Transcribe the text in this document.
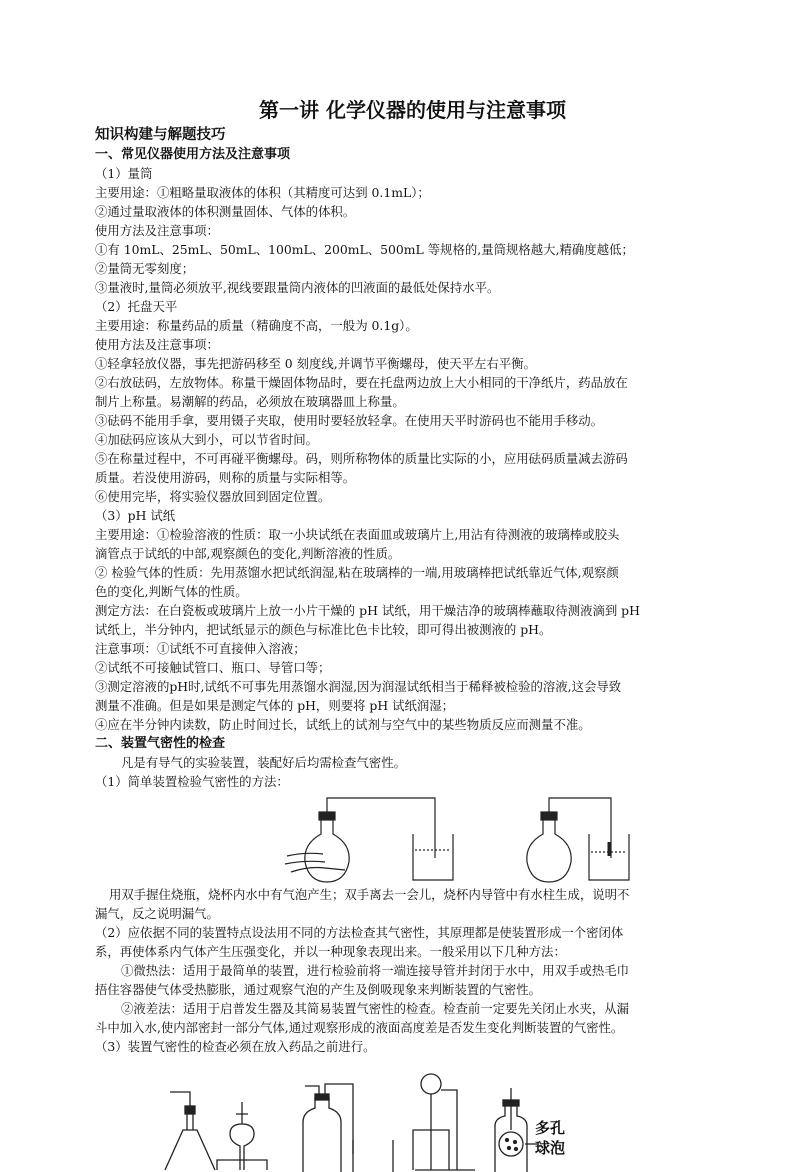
第一讲 化学仪器的使用与注意事项
知识构建与解题技巧
一、常见仪器使用方法及注意事项

（1）量筒

主要用途：①粗略量取液体的体积（其精度可达到 0.1mL）；

②通过量取液体的体积测量固体、气体的体积。

使用方法及注意事项：

①有 10mL、25mL、50mL、100mL、200mL、500mL 等规格的,量筒规格越大,精确度越低；

②量筒无零刻度；

③量液时,量筒必须放平,视线要跟量筒内液体的凹液面的最低处保持水平。

（2）托盘天平

主要用途：称量药品的质量（精确度不高，一般为 0.1g）。

使用方法及注意事项：

①轻拿轻放仪器，事先把游码移至 0 刻度线,并调节平衡螺母，使天平左右平衡。

②右放砝码，左放物体。称量干燥固体物品时，要在托盘两边放上大小相同的干净纸片，药品放在

制片上称量。易潮解的药品，必须放在玻璃器皿上称量。

③砝码不能用手拿，要用镊子夹取，使用时要轻放轻拿。在使用天平时游码也不能用手移动。

④加砝码应该从大到小，可以节省时间。

⑤在称量过程中，不可再碰平衡螺母。码，则所称物体的质量比实际的小，应用砝码质量减去游码

质量。若没使用游码，则称的质量与实际相等。

⑥使用完毕，将实验仪器放回到固定位置。

（3）pH 试纸

主要用途：①检验溶液的性质：取一小块试纸在表面皿或玻璃片上,用沾有待测液的玻璃棒或胶头

滴管点于试纸的中部,观察颜色的变化,判断溶液的性质。

② 检验气体的性质：先用蒸馏水把试纸润湿,粘在玻璃棒的一端,用玻璃棒把试纸靠近气体,观察颜

色的变化,判断气体的性质。

测定方法：在白瓷板或玻璃片上放一小片干燥的 pH 试纸，用干燥洁净的玻璃棒蘸取待测液滴到 pH

试纸上，半分钟内，把试纸显示的颜色与标准比色卡比较，即可得出被测液的 pH。

注意事项：①试纸不可直接伸入溶液；

②试纸不可接触试管口、瓶口、导管口等；

③测定溶液的pH时,试纸不可事先用蒸馏水润湿,因为润湿试纸相当于稀释被检验的溶液,这会导致

测量不准确。但是如果是测定气体的 pH，则要将 pH 试纸润湿；

④应在半分钟内读数，防止时间过长，试纸上的试剂与空气中的某些物质反应而测量不准。

二、装置气密性的检查

凡是有导气的实验装置，装配好后均需检查气密性。

（1）简单装置检验气密性的方法：

用双手握住烧瓶，烧杯内水中有气泡产生；双手离去一会儿，烧杯内导管中有水柱生成，说明不

漏气，反之说明漏气。

（2）应依据不同的装置特点设法用不同的方法检查其气密性，其原理都是使装置形成一个密闭体

系，再使体系内气体产生压强变化，并以一种现象表现出来。一般采用以下几种方法：

①微热法：适用于最简单的装置，进行检验前将一端连接导管并封闭于水中，用双手或热毛巾

捂住容器使气体受热膨胀，通过观察气泡的产生及倒吸现象来判断装置的气密性。

②液差法：适用于启普发生器及其简易装置气密性的检查。检查前一定要先关闭止水夹，从漏

斗中加入水,使内部密封一部分气体,通过观察形成的液面高度差是否发生变化判断装置的气密性。

（3）装置气密性的检查必须在放入药品之前进行。

多孔
球泡
